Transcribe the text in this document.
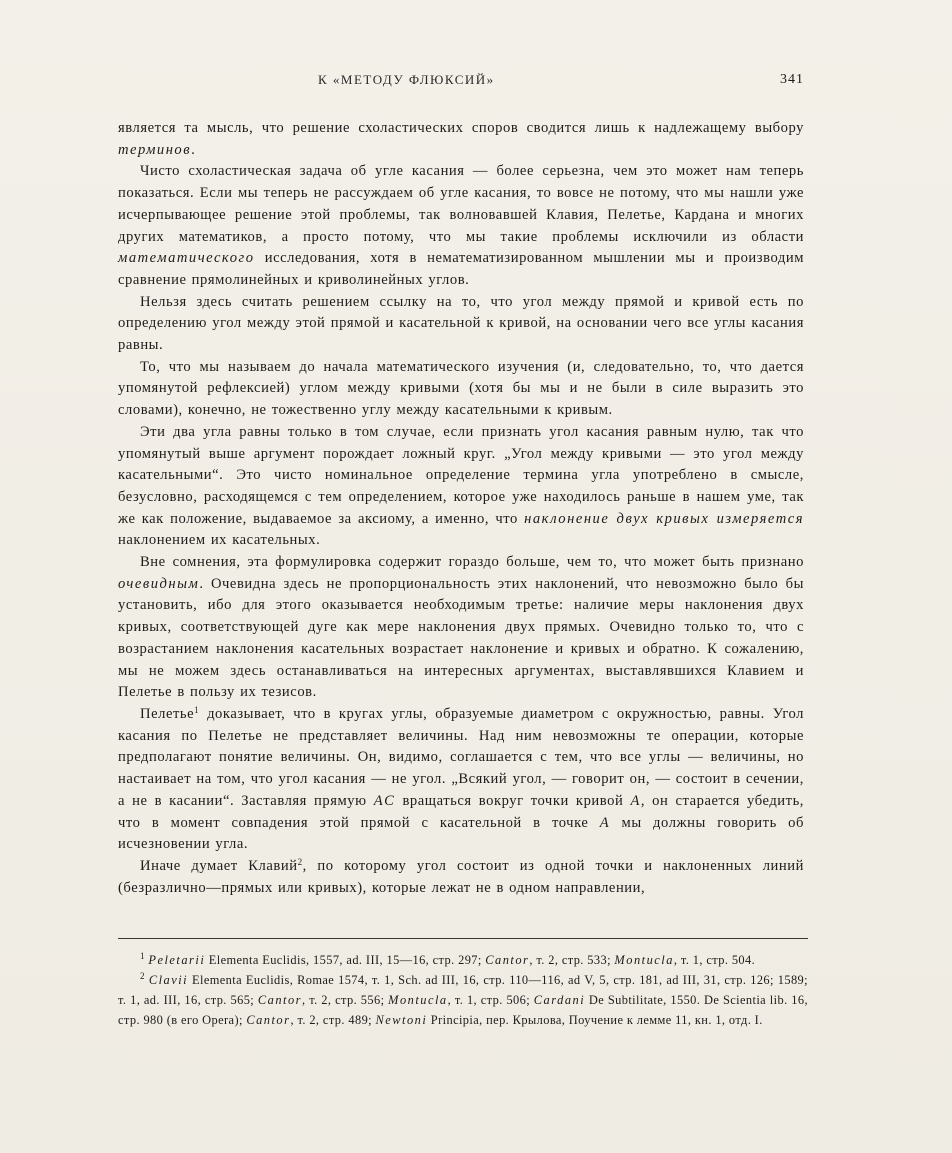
К «МЕТОДУ ФЛЮКСИЙ»	341

является та мысль, что решение схоластических споров сводится лишь к надлежащему выбору терминов.

Чисто схоластическая задача об угле касания — более серьезна, чем это может нам теперь показаться. Если мы теперь не рассуждаем об угле касания, то вовсе не потому, что мы нашли уже исчерпывающее решение этой проблемы, так волновавшей Клавия, Пелетье, Кардана и многих других математиков, а просто потому, что мы такие проблемы исключили из области математического исследования, хотя в нематематизированном мышлении мы и производим сравнение прямолинейных и криволинейных углов.

Нельзя здесь считать решением ссылку на то, что угол между прямой и кривой есть по определению угол между этой прямой и касательной к кривой, на основании чего все углы касания равны.

То, что мы называем до начала математического изучения (и, следовательно, то, что дается упомянутой рефлексией) углом между кривыми (хотя бы мы и не были в силе выразить это словами), конечно, не тожественно углу между касательными к кривым.

Эти два угла равны только в том случае, если признать угол касания равным нулю, так что упомянутый выше аргумент порождает ложный круг. „Угол между кривыми — это угол между касательными“. Это чисто номинальное определение термина угла употреблено в смысле, безусловно, расходящемся с тем определением, которое уже находилось раньше в нашем уме, так же как положение, выдаваемое за аксиому, а именно, что наклонение двух кривых измеряется наклонением их касательных.

Вне сомнения, эта формулировка содержит гораздо больше, чем то, что может быть признано очевидным. Очевидна здесь не пропорциональность этих наклонений, что невозможно было бы установить, ибо для этого оказывается необходимым третье: наличие меры наклонения двух кривых, соответствующей дуге как мере наклонения двух прямых. Очевидно только то, что с возрастанием наклонения касательных возрастает наклонение и кривых и обратно. К сожалению, мы не можем здесь останавливаться на интересных аргументах, выставлявшихся Клавием и Пелетье в пользу их тезисов.

Пелетье$^1$ доказывает, что в кругах углы, образуемые диаметром с окружностью, равны. Угол касания по Пелетье не представляет величины. Над ним невозможны те операции, которые предполагают понятие величины. Он, видимо, соглашается с тем, что все углы — величины, но настаивает на том, что угол касания — не угол. „Всякий угол, — говорит он, — состоит в сечении, а не в касании“. Заставляя прямую AC вращаться вокруг точки кривой A, он старается убедить, что в момент совпадения этой прямой с касательной в точке A мы должны говорить об исчезновении угла.

Иначе думает Клавий$^2$, по которому угол состоит из одной точки и наклоненных линий (безразлично—прямых или кривых), которые лежат не в одном направлении,

$^1$ Peletarii Elementa Euclidis, 1557, ad. III, 15—16, стр. 297; Cantor, т. 2, стр. 533; Montucla, т. 1, стр. 504.

$^2$ Clavii Elementa Euclidis, Romae 1574, т. 1, Sch. ad III, 16, стр. 110—116, ad V, 5, стр. 181, ad III, 31, стр. 126; 1589; т. 1, ad. III, 16, стр. 565; Cantor, т. 2, стр. 556; Montucla, т. 1, стр. 506; Cardani De Subtilitate, 1550. De Scientia lib. 16, стр. 980 (в его Opera); Cantor, т. 2, стр. 489; Newtoni Principia, пер. Крылова, Поучение к лемме 11, кн. 1, отд. I.
